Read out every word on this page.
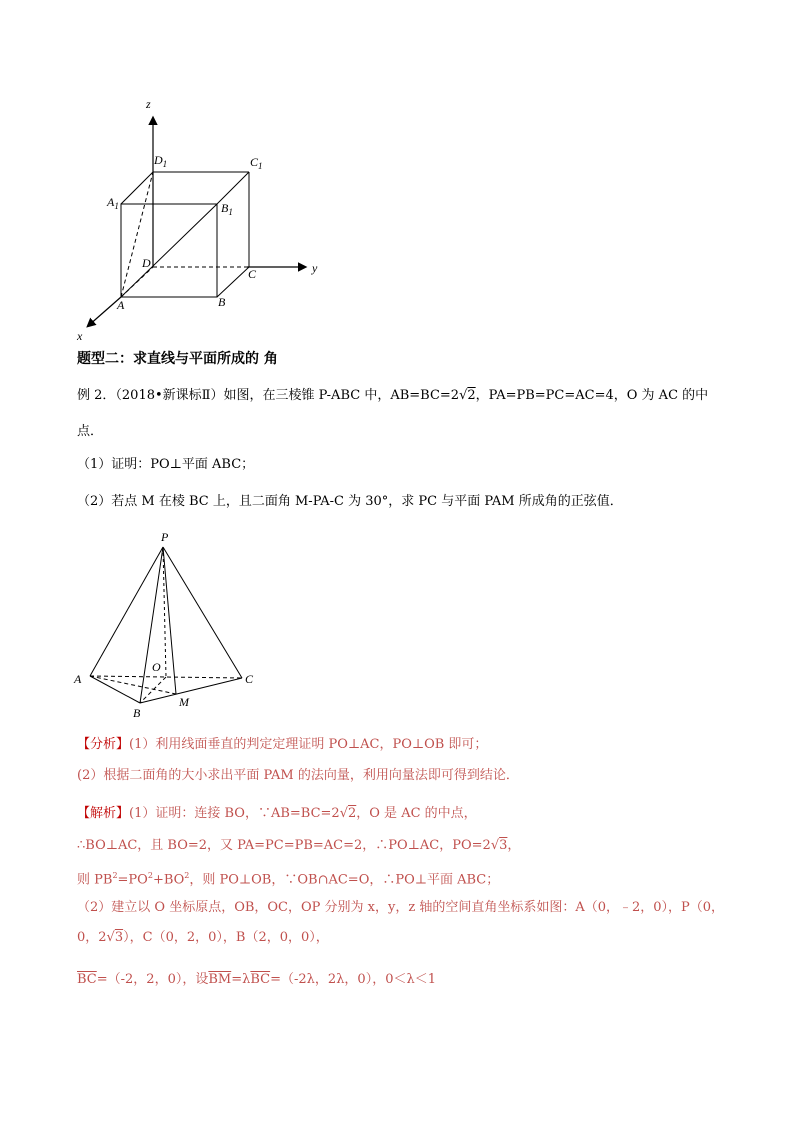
z
y
x
$D_1$	$C_1$
$A_1$	$B_1$
D
C
A	B
题型二：求直线与平面所成的 角
例 2．（2018•新课标Ⅱ）如图，在三棱锥 P-ABC 中，AB=BC=2√2，PA=PB=PC=AC=4，O 为 AC 的中
点．
（1）证明：PO⊥平面 ABC；
（2）若点 M 在棱 BC 上，且二面角 M-PA-C 为 30°，求 PC 与平面 PAM 所成角的正弦值．
P
A
B
C
O
M
【分析】(1）利用线面垂直的判定定理证明 PO⊥AC，PO⊥OB 即可；
(2）根据二面角的大小求出平面 PAM 的法向量，利用向量法即可得到结论．
【解析】(1）证明：连接 BO，∵AB=BC=2√2，O 是 AC 的中点，
∴BO⊥AC，且 BO=2，又 PA=PC=PB=AC=2，∴PO⊥AC，PO=2√3，
则 $PB^2=PO^2+BO^2$，则 PO⊥OB，∵OB∩AC=O，∴PO⊥平面 ABC；
（2）建立以 O 坐标原点，OB，OC，OP 分别为 x，y，z 轴的空间直角坐标系如图：A（0，﹣2，0），P（0，
0，2√3），C（0，2，0），B（2，0，0），
$\overline{BC}=(-2$，2，0），设$\overline{BM}=\lambda\overline{BC}=(-2\lambda$，2λ，0），0＜λ＜1
